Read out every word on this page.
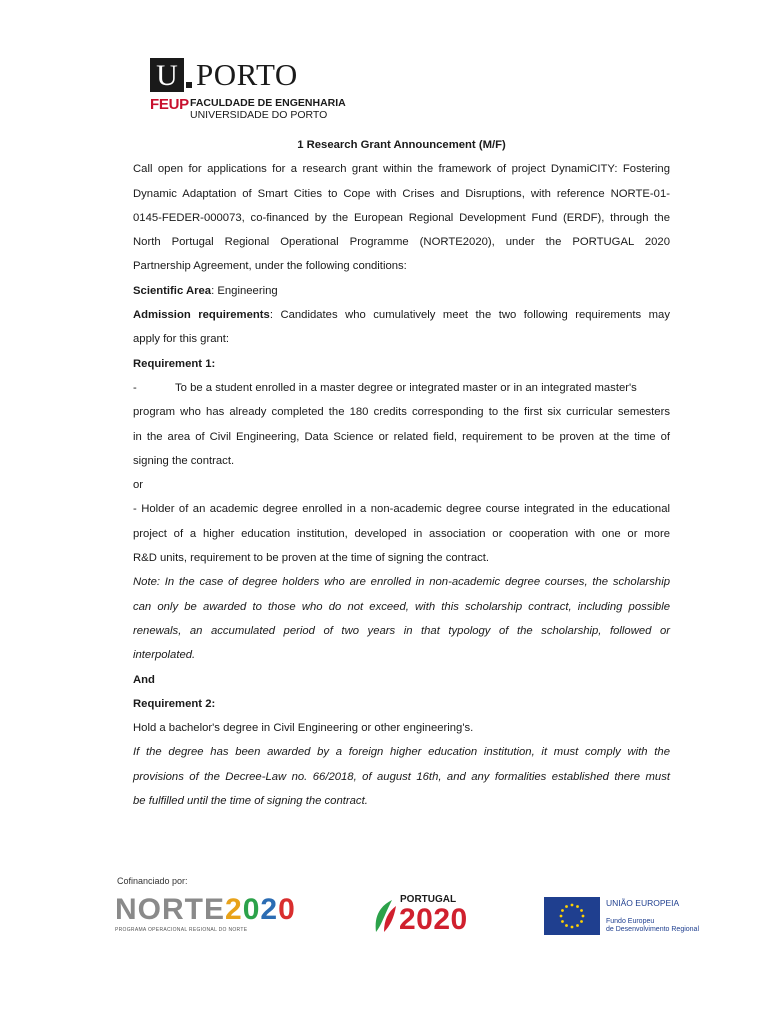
U PORTO
FEUP FACULDADE DE ENGENHARIA
UNIVERSIDADE DO PORTO
1 Research Grant Announcement (M/F)
Call open for applications for a research grant within the framework of project DynamiCITY: Fostering
Dynamic Adaptation of Smart Cities to Cope with Crises and Disruptions, with reference NORTE-01-
0145-FEDER-000073, co-financed by the European Regional Development Fund (ERDF), through the
North Portugal Regional Operational Programme (NORTE2020), under the PORTUGAL 2020
Partnership Agreement, under the following conditions:
Scientific Area: Engineering
Admission requirements: Candidates who cumulatively meet the two following requirements may
apply for this grant:
Requirement 1:
-	To be a student enrolled in a master degree or integrated master or in an integrated master's
program who has already completed the 180 credits corresponding to the first six curricular semesters
in the area of Civil Engineering, Data Science or related field, requirement to be proven at the time of
signing the contract.
or
- Holder of an academic degree enrolled in a non-academic degree course integrated in the educational
project of a higher education institution, developed in association or cooperation with one or more
R&D units, requirement to be proven at the time of signing the contract.
Note: In the case of degree holders who are enrolled in non-academic degree courses, the scholarship
can only be awarded to those who do not exceed, with this scholarship contract, including possible
renewals, an accumulated period of two years in that typology of the scholarship, followed or
interpolated.
And
Requirement 2:
Hold a bachelor's degree in Civil Engineering or other engineering's.
If the degree has been awarded by a foreign higher education institution, it must comply with the
provisions of the Decree-Law no. 66/2018, of august 16th, and any formalities established there must
be fulfilled until the time of signing the contract.
Cofinanciado por:
NORTE2020
PROGRAMA OPERACIONAL REGIONAL DO NORTE
PORTUGAL
2020	UNIÃO EUROPEIA
Fundo Europeu
de Desenvolvimento Regional
